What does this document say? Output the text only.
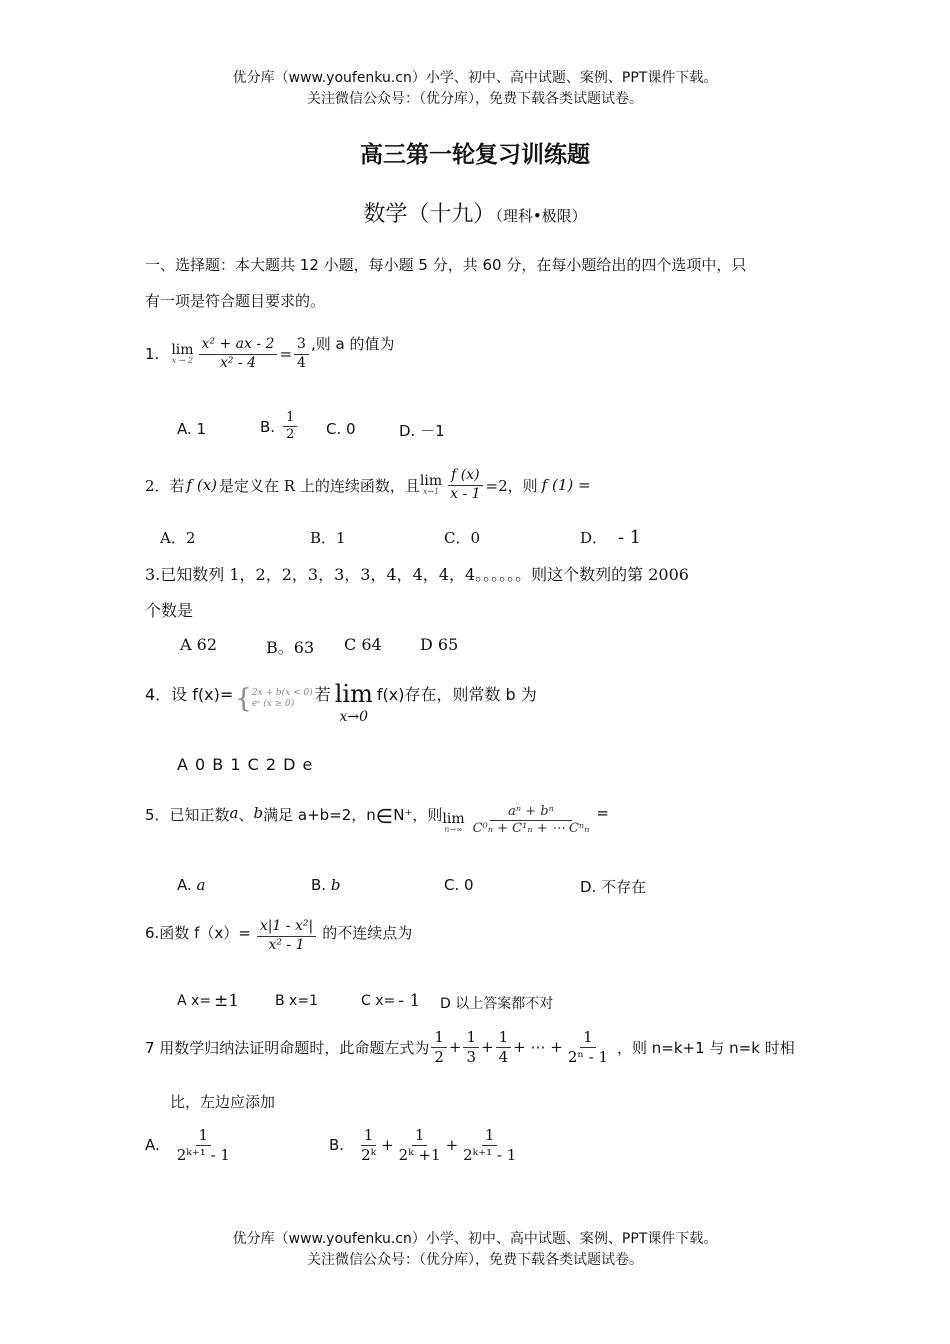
优分库（www.youfenku.cn）小学、初中、高中试题、案例、PPT课件下载。
关注微信公众号：（优分库），免费下载各类试题试卷。
高三第一轮复习训练题
数学（十九）（理科•极限）
一、选择题：本大题共 12 小题，每小题 5 分，共 60 分，在每小题给出的四个选项中，只
有一项是符合题目要求的。
1. lim
$x \to 2 \frac{\text{x² + ax - 2}}{\text{x² - 4}} = \frac{3}{4}$ ,则 a 的值为
A. 1	B. $\frac{1}{2} C$. 0	D. －1
2．若 f (x) 是定义在 R 上的连续函数，且 lim
$x\to 1 \frac{f (x)}{x - 1} =2$，则 f (1) =
A．2	B．1	C．0	D． - 1
3.已知数列 1，2，2，3，3，3，4，4，4，4。。。。。。则这个数列的第 2006
个数是
A 62	B。63 C 64 D 65
4．设 f(x)= { 2x + b(x < 0)
eˣ (x ≥ 0)	若 lim
x→0
f(x)存在，则常数 b 为
A 0 B 1 C 2 D e
5．已知正数 a 、 b 满足 a+b=2，n ∈ N⁺，则 lim
$n\to\infty \frac{\text{aⁿ + bⁿ}}{\text{C⁰ₙ + C¹ₙ + ⋯ Cⁿₙ}}$ =
A. a	B. b	C. 0	D. 不存在
6.函数 $f(x)= \frac{\text{x|1 - x²|}}{\text{x² - 1}}$ 的不连续点为
A x= ±1	B x=1	C x= - 1 D 以上答案都不对
7 用数学归纳法证明命题时，此命题左式为 $\frac{1}{2} + \frac{1}{3} + \frac{1}{4}$ + ⋯ + $\frac{1}{\text{2ⁿ - 1}}$ ，则 n=k+1 与 n=k 时相
比，左边应添加
A. $\frac{1}{\text{2ᵏ⁺¹ - 1}}$	B. $\frac{1}{\text{2ᵏ}} + \frac{1}{\text{2ᵏ +1}} + \frac{1}{\text{2ᵏ⁺¹ - 1}}$
优分库（www.youfenku.cn）小学、初中、高中试题、案例、PPT课件下载。
关注微信公众号：（优分库），免费下载各类试题试卷。
